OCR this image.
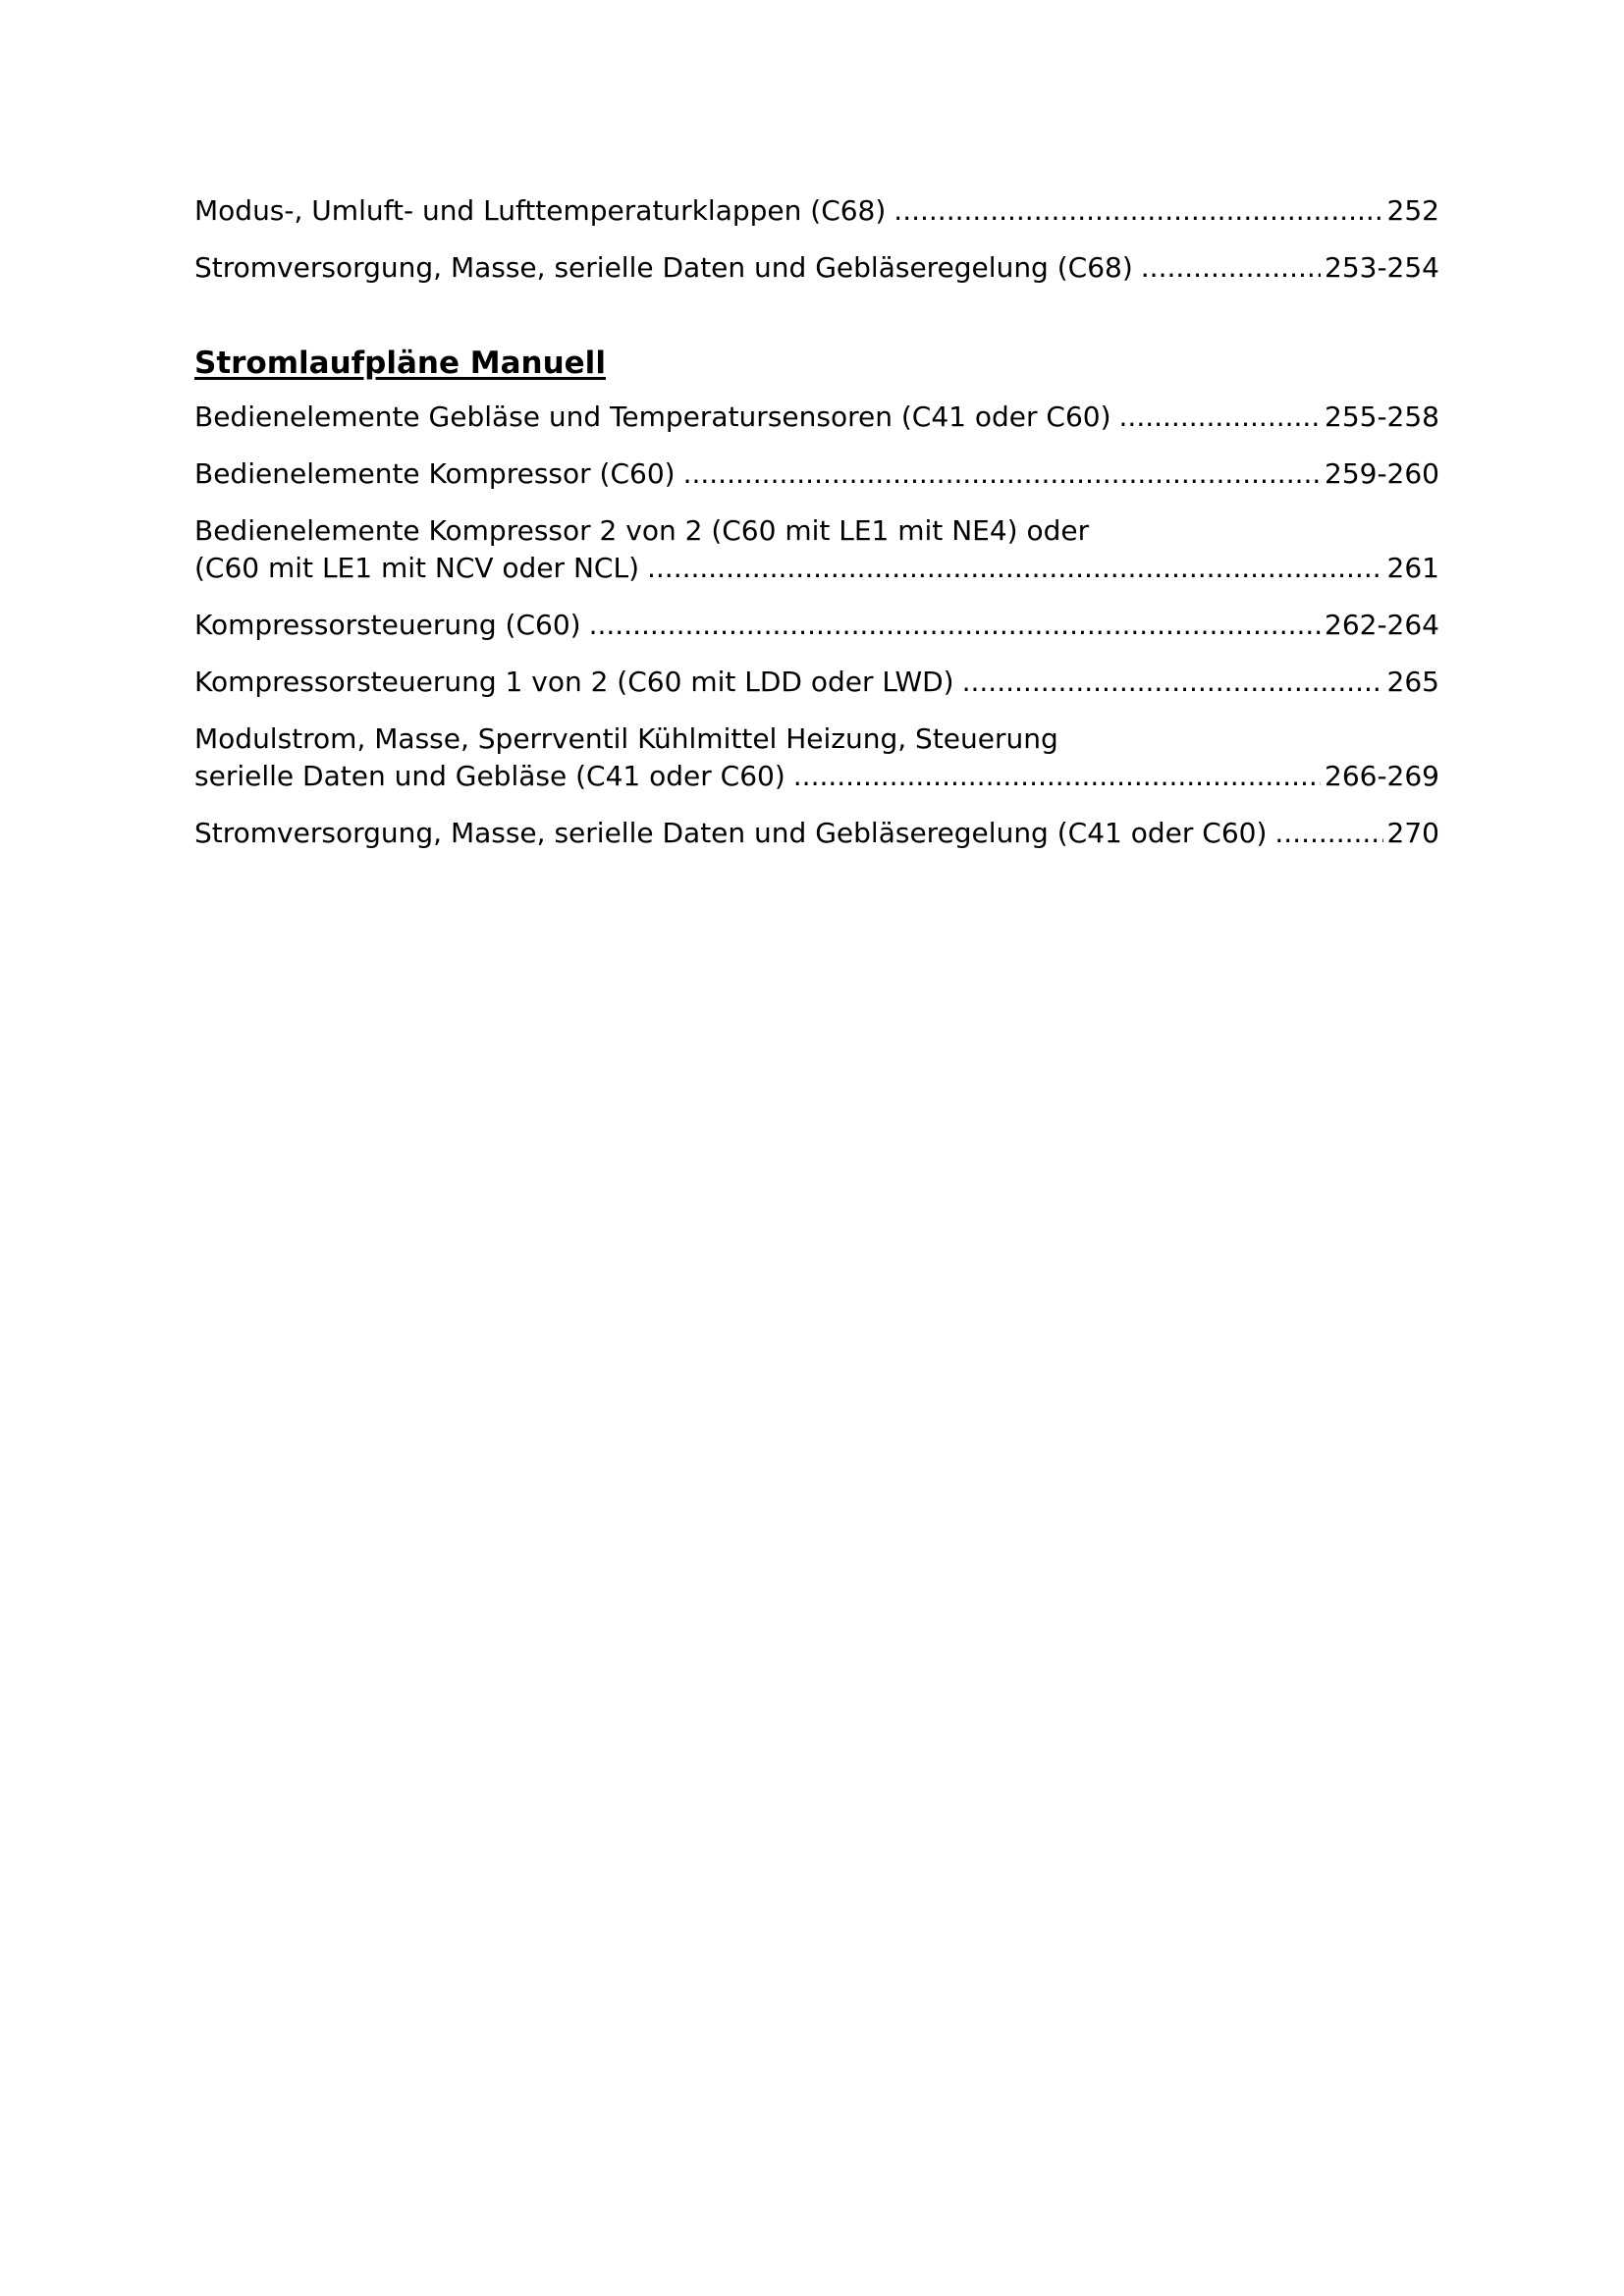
Modus-, Umluft- und Lufttemperaturklappen (C68) .....	252
Stromversorgung, Masse, serielle Daten und Gebläseregelung (C68) .....	253-254
Stromlaufpläne Manuell
Bedienelemente Gebläse und Temperatursensoren (C41 oder C60) .....	255-258
Bedienelemente Kompressor (C60) .....	259-260
Bedienelemente Kompressor 2 von 2 (C60 mit LE1 mit NE4) oder
(C60 mit LE1 mit NCV oder NCL) .....	261
Kompressorsteuerung (C60) .....	262-264
Kompressorsteuerung 1 von 2 (C60 mit LDD oder LWD) .....	265
Modulstrom, Masse, Sperrventil Kühlmittel Heizung, Steuerung
serielle Daten und Gebläse (C41 oder C60) .....	266-269
Stromversorgung, Masse, serielle Daten und Gebläseregelung (C41 oder C60) .....	270
